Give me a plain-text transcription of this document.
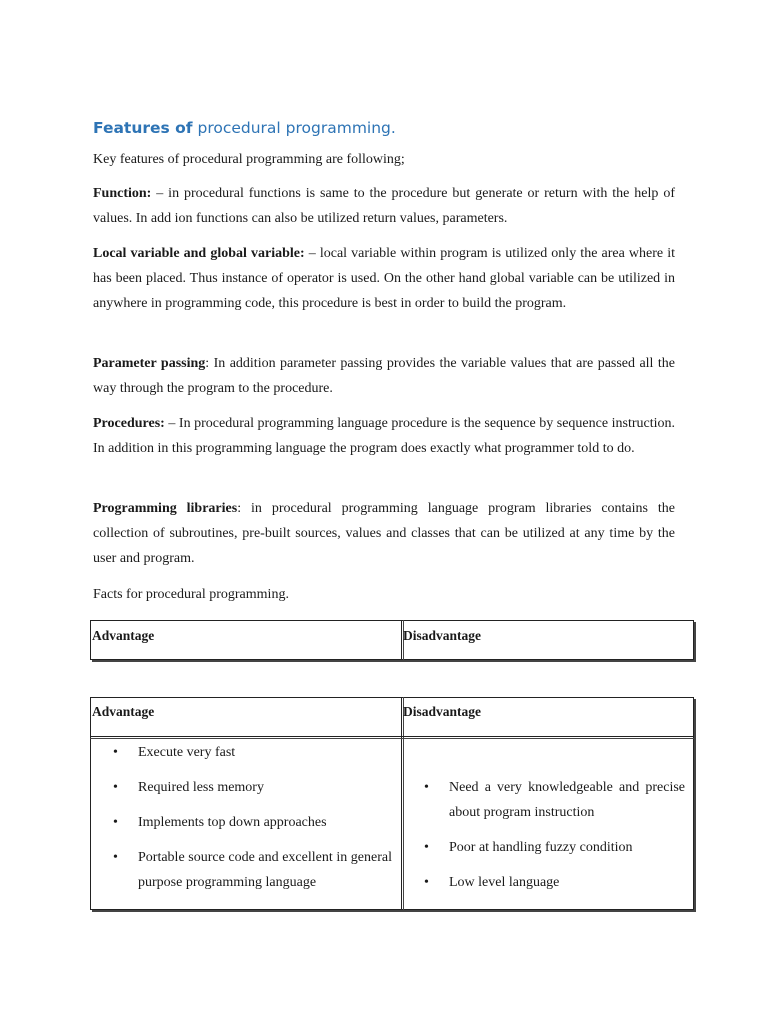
Features of procedural programming.
Key features of procedural programming are following;
Function: – in procedural functions is same to the procedure but generate or return with the help of values. In add ion functions can also be utilized return values, parameters.
Local variable and global variable: – local variable within program is utilized only the area where it has been placed. Thus instance of operator is used. On the other hand global variable can be utilized in anywhere in programming code, this procedure is best in order to build the program.
Parameter passing: In addition parameter passing provides the variable values that are passed all the way through the program to the procedure.
Procedures: – In procedural programming language procedure is the sequence by sequence instruction. In addition in this programming language the program does exactly what programmer told to do.
Programming libraries: in procedural programming language program libraries contains the collection of subroutines, pre-built sources, values and classes that can be utilized at any time by the user and program.
Facts for procedural programming.
Advantage	Disadvantage
Advantage	Disadvantage
• Execute very fast
• Required less memory
• Implements top down approaches
• Portable source code and excellent in general purpose programming language
• Need a very knowledgeable and precise about program instruction
• Poor at handling fuzzy condition
• Low level language
